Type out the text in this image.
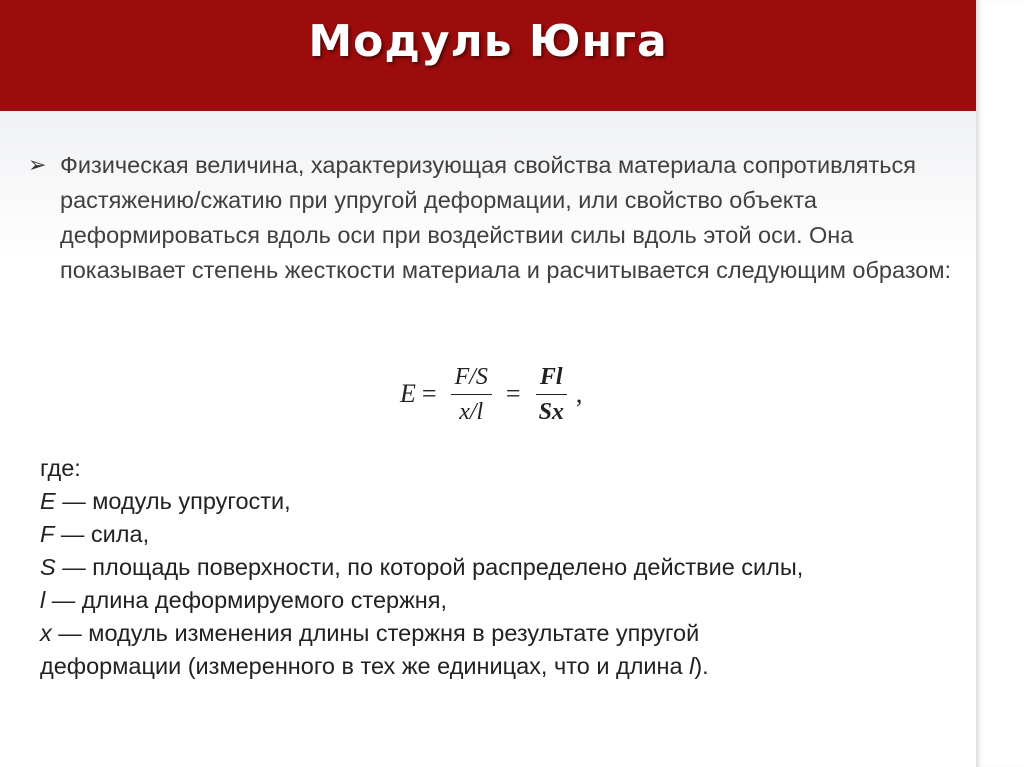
Модуль Юнга
➢ Физическая величина, характеризующая свойства материала сопротивляться растяжению/сжатию при упругой деформации, или свойство объекта деформироваться вдоль оси при воздействии силы вдоль этой оси. Она показывает степень жесткости материала и расчитывается следующим образом:

$E = \frac{F/S}{x/l} = \frac{Fl}{Sx}$ ,
где:
E — модуль упругости,
F — сила,
S — площадь поверхности, по которой распределено действие силы,
l — длина деформируемого стержня,
x — модуль изменения длины стержня в результате упругой
деформации (измеренного в тех же единицах, что и длина l).
